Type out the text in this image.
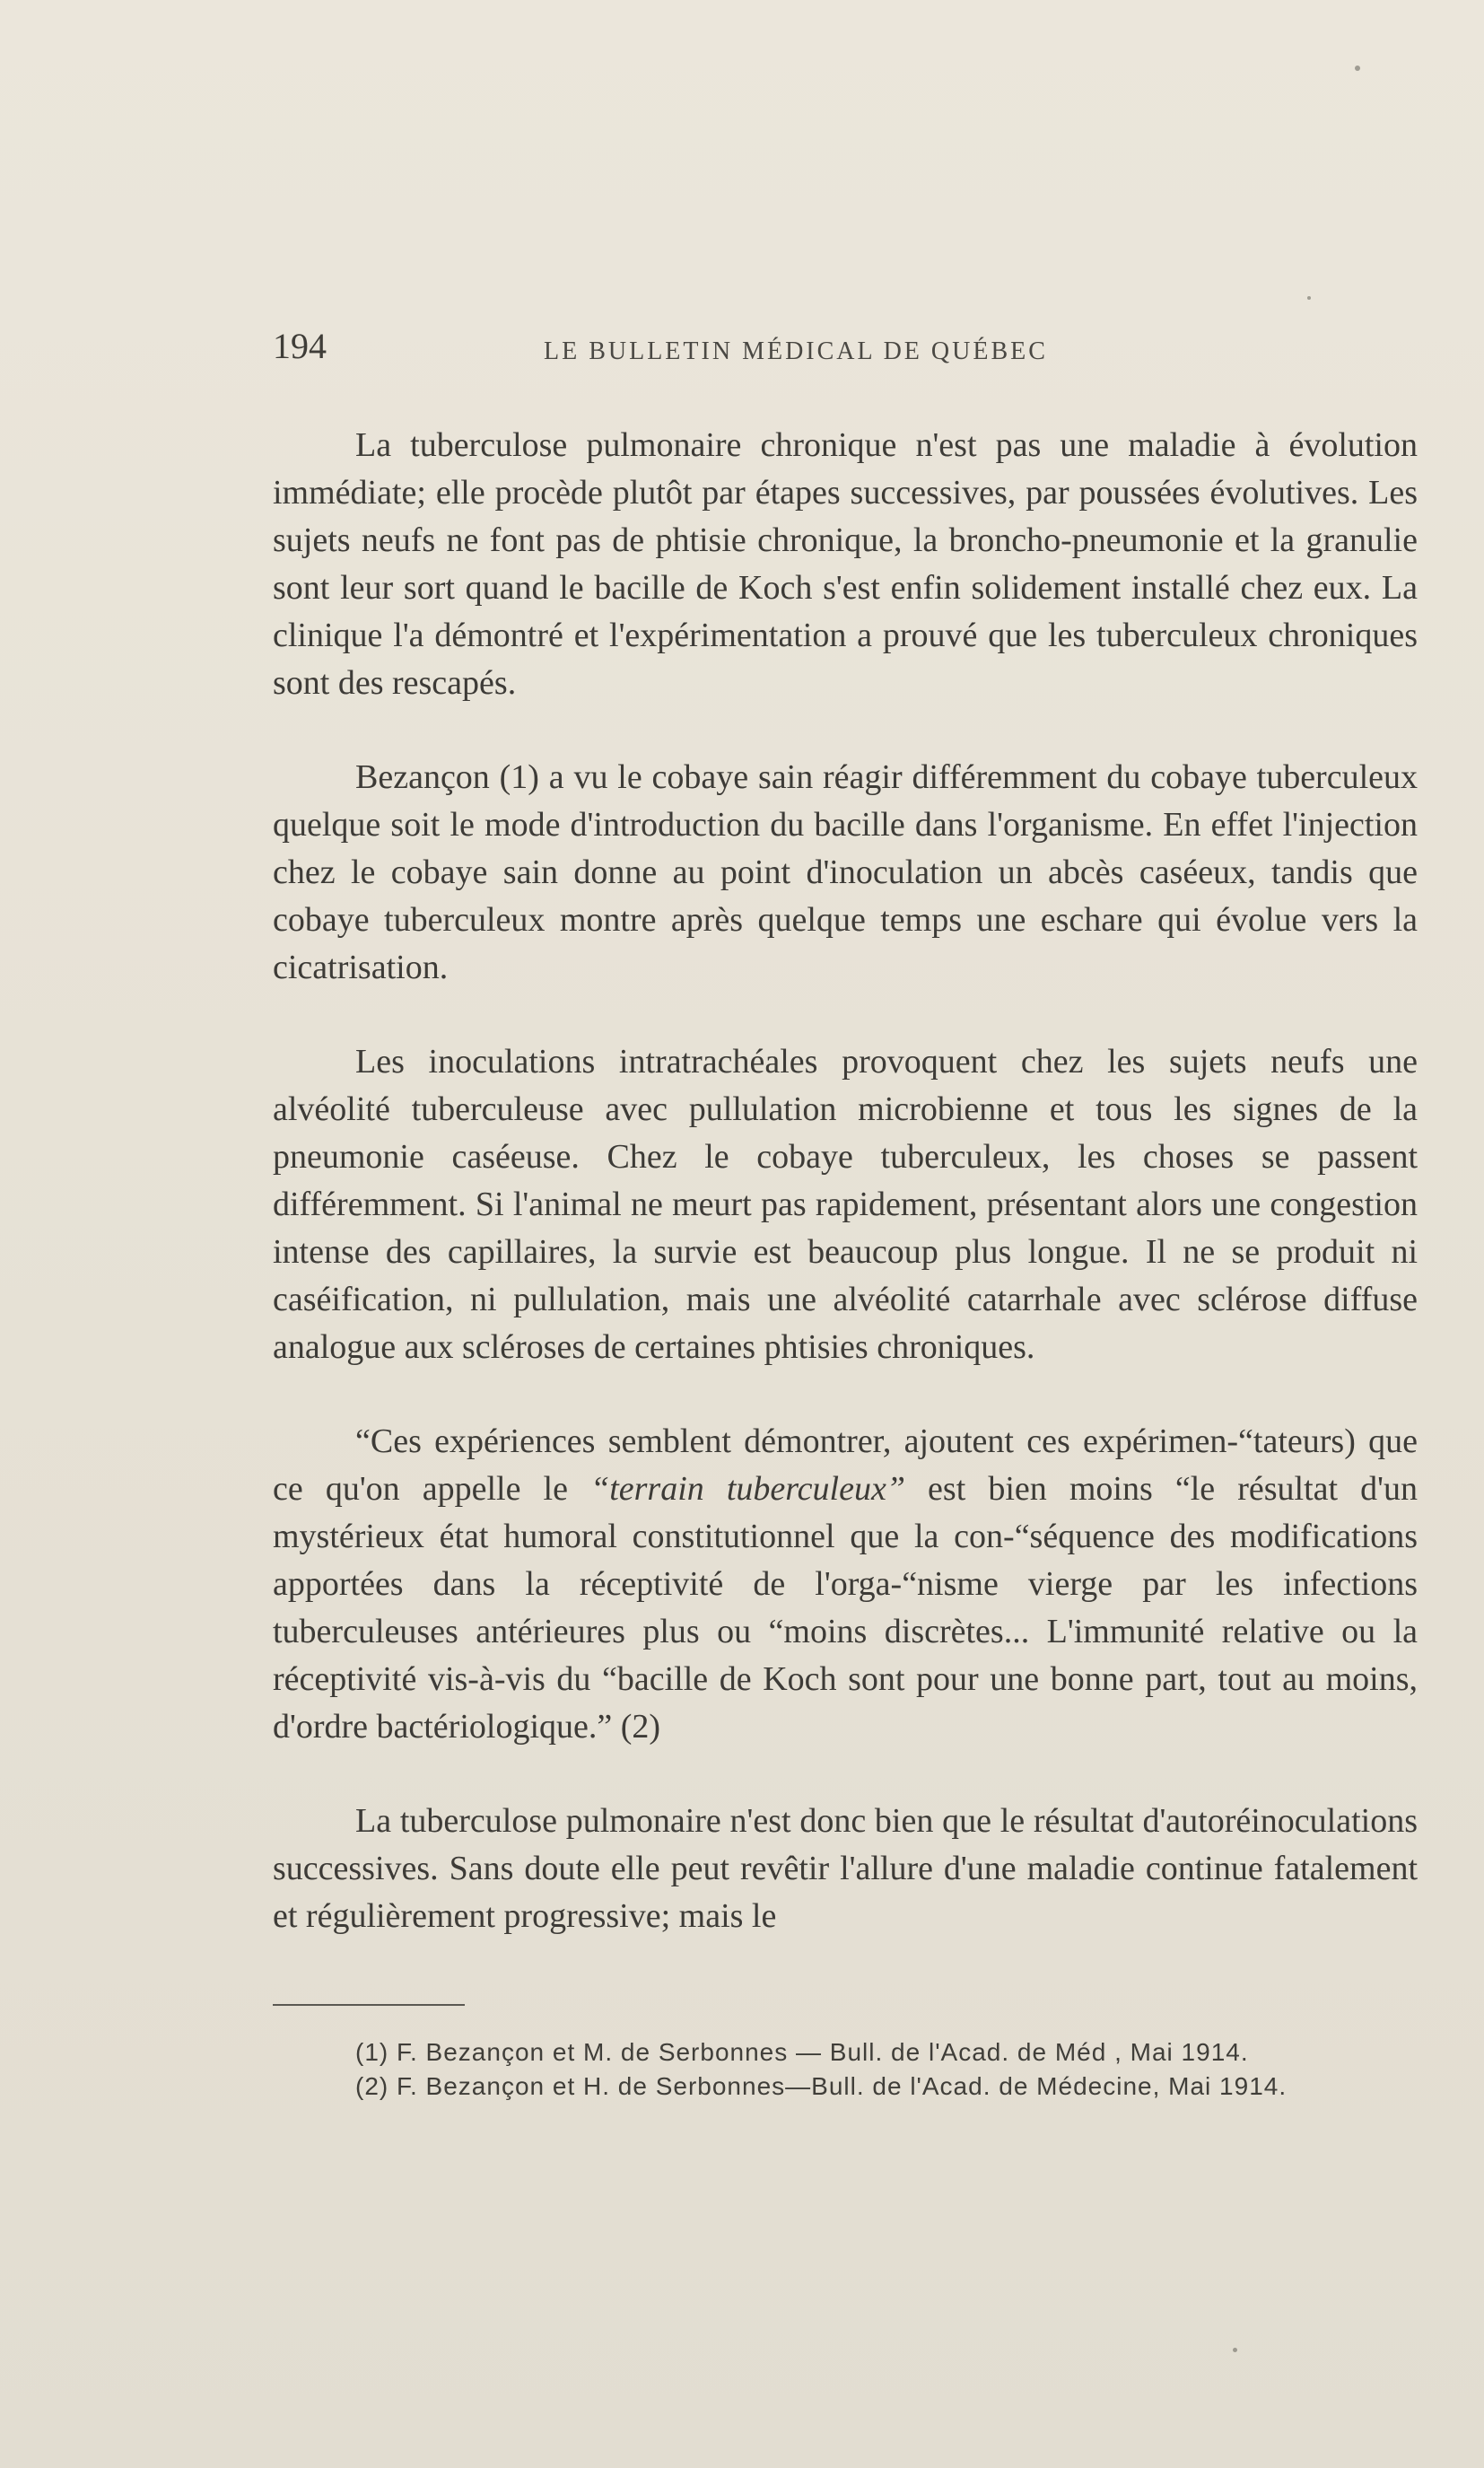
194	LE BULLETIN MÉDICAL DE QUÉBEC

La tuberculose pulmonaire chronique n'est pas une maladie à évolution immédiate; elle procède plutôt par étapes successives, par poussées évolutives. Les sujets neufs ne font pas de phtisie chronique, la broncho-pneumonie et la granulie sont leur sort quand le bacille de Koch s'est enfin solidement installé chez eux. La clinique l'a démontré et l'expérimentation a prouvé que les tuberculeux chroniques sont des rescapés.

Bezançon (1) a vu le cobaye sain réagir différemment du cobaye tuberculeux quelque soit le mode d'introduction du bacille dans l'organisme. En effet l'injection chez le cobaye sain donne au point d'inoculation un abcès caséeux, tandis que cobaye tuberculeux montre après quelque temps une eschare qui évolue vers la cicatrisation.

Les inoculations intratrachéales provoquent chez les sujets neufs une alvéolité tuberculeuse avec pullulation microbienne et tous les signes de la pneumonie caséeuse. Chez le cobaye tuberculeux, les choses se passent différemment. Si l'animal ne meurt pas rapidement, présentant alors une congestion intense des capillaires, la survie est beaucoup plus longue. Il ne se produit ni caséification, ni pullulation, mais une alvéolité catarrhale avec sclérose diffuse analogue aux scléroses de certaines phtisies chroniques.

“Ces expériences semblent démontrer, ajoutent ces expérimen-“tateurs) que ce qu'on appelle le “terrain tuberculeux” est bien moins “le résultat d'un mystérieux état humoral constitutionnel que la con-“séquence des modifications apportées dans la réceptivité de l'orga-“nisme vierge par les infections tuberculeuses antérieures plus ou “moins discrètes... L'immunité relative ou la réceptivité vis-à-vis du “bacille de Koch sont pour une bonne part, tout au moins, d'ordre bactériologique.” (2)

La tuberculose pulmonaire n'est donc bien que le résultat d'autoréinoculations successives. Sans doute elle peut revêtir l'allure d'une maladie continue fatalement et régulièrement progressive; mais le

(1) F. Bezançon et M. de Serbonnes — Bull. de l'Acad. de Méd , Mai 1914.

(2) F. Bezançon et H. de Serbonnes—Bull. de l'Acad. de Médecine, Mai 1914.
